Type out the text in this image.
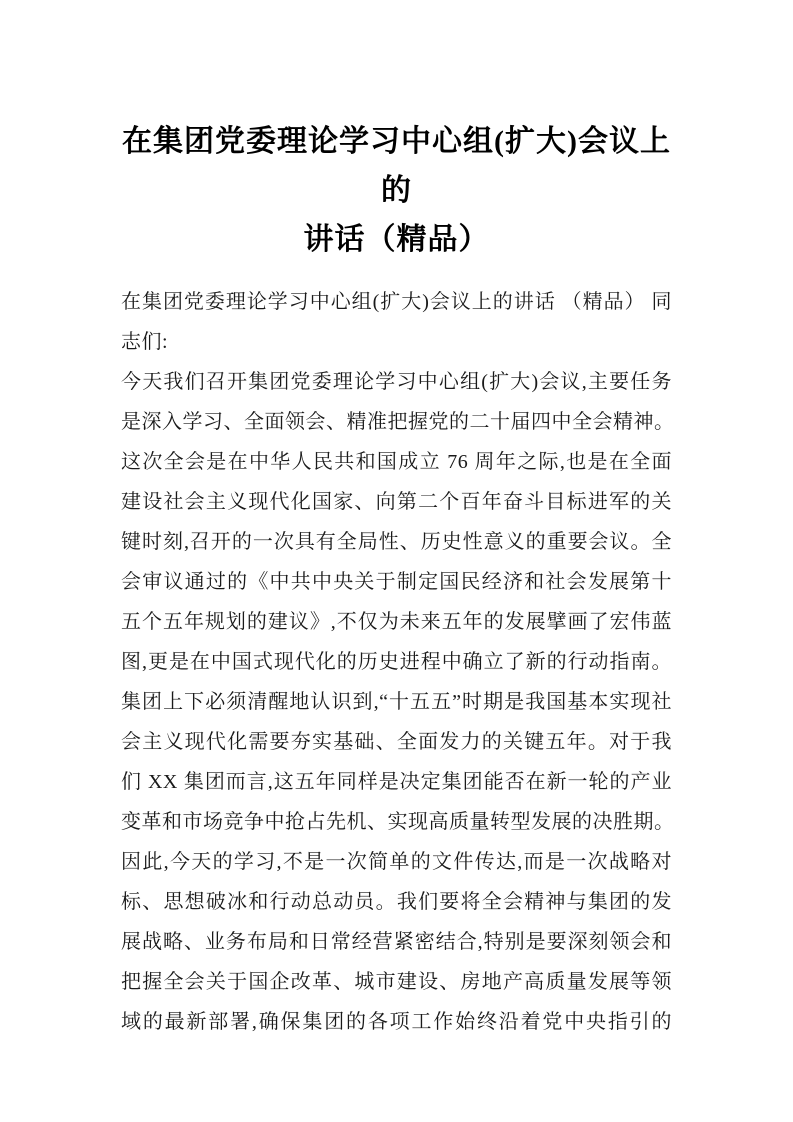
在集团党委理论学习中心组(扩大)会议上的
讲话（精品）
在集团党委理论学习中心组(扩大)会议上的讲话 （精品） 同
志们:
今天我们召开集团党委理论学习中心组(扩大)会议,主要任务
是深入学习、全面领会、精准把握党的二十届四中全会精神。
这次全会是在中华人民共和国成立 76 周年之际,也是在全面
建设社会主义现代化国家、向第二个百年奋斗目标进军的关
键时刻,召开的一次具有全局性、历史性意义的重要会议。全
会审议通过的《中共中央关于制定国民经济和社会发展第十
五个五年规划的建议》,不仅为未来五年的发展擘画了宏伟蓝
图,更是在中国式现代化的历史进程中确立了新的行动指南。
集团上下必须清醒地认识到,“十五五”时期是我国基本实现社
会主义现代化需要夯实基础、全面发力的关键五年。对于我
们 XX 集团而言,这五年同样是决定集团能否在新一轮的产业
变革和市场竞争中抢占先机、实现高质量转型发展的决胜期。
因此,今天的学习,不是一次简单的文件传达,而是一次战略对
标、思想破冰和行动总动员。我们要将全会精神与集团的发
展战略、业务布局和日常经营紧密结合,特别是要深刻领会和
把握全会关于国企改革、城市建设、房地产高质量发展等领
域的最新部署,确保集团的各项工作始终沿着党中央指引的
